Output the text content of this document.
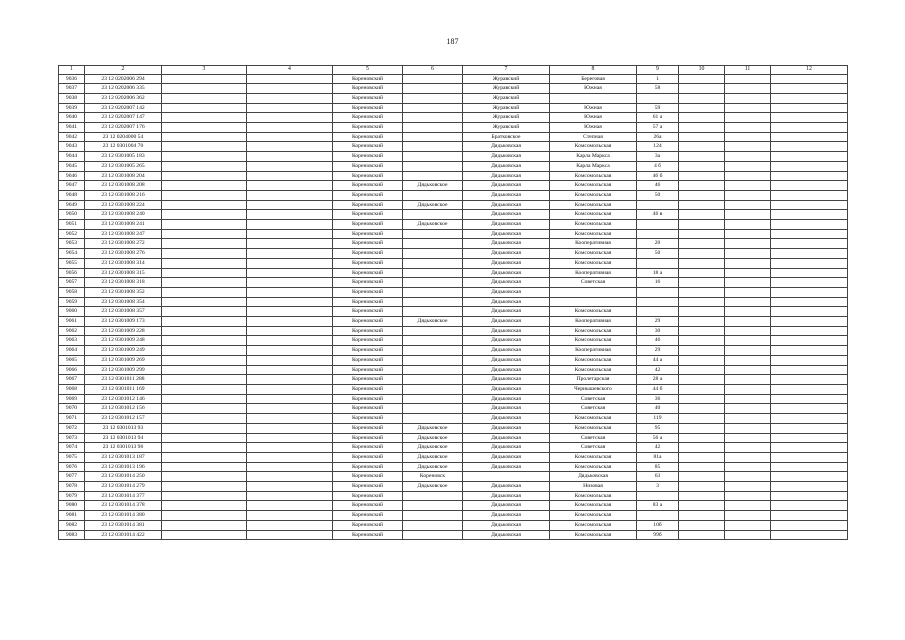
187
1	2	3	4	5	6	7	8	9	10	11	12
9036	23 12 0202006 294			Кореновский		Журавский	Береговая	1			
9037	23 12 0202006 335			Кореновский		Журавский	Южная	58			
9038	23 12 0202006 362			Кореновский		Журавский					
9039	23 12 0202007 142			Кореновский		Журавский	Южная	59			
9040	23 12 0202007 147			Кореновский		Журавский	Южная	61 а			
9041	23 12 0202007 176			Кореновский		Журавский	Южная	57 а			
9042	23 12 0204000 54			Кореновский		Братковское	Степная	26а			
9043	23 12 0301004 70			Кореновский		Дядьковская	Комсомольская	124			
9044	23 12 0301005 183			Кореновский		Дядьковская	Карла Маркса	3а			
9045	23 12 0301005 265			Кореновский		Дядьковская	Карла Маркса	4 б			
9046	23 12 0301008 204			Кореновский		Дядьковская	Комсомольская	46 б			
9047	23 12 0301008 208			Кореновский	Дядьковское	Дядьковская	Комсомольская	46			
9048	23 12 0301008 216			Кореновский		Дядьковская	Комсомольская	50			
9049	23 12 0301008 224			Кореновский	Дядьковское	Дядьковская	Комсомольская				
9050	23 12 0301008 240			Кореновский		Дядьковская	Комсомольская	46 в			
9051	23 12 0301008 241			Кореновский	Дядьковское	Дядьковская	Комсомольская				
9052	23 12 0301008 247			Кореновский		Дядьковская	Комсомольская				
9053	23 12 0301008 272			Кореновский		Дядьковская	Кооперативная	20			
9054	23 12 0301008 276			Кореновский		Дядьковская	Комсомольская	50			
9055	23 12 0301008 314			Кореновский		Дядьковская	Комсомольская				
9056	23 12 0301008 315			Кореновский		Дядьковская	Кооперативная	18 а			
9057	23 12 0301008 318			Кореновский		Дядьковская	Советская	16			
9058	23 12 0301008 352			Кореновский		Дядьковская					
9059	23 12 0301008 354			Кореновский		Дядьковская					
9060	23 12 0301008 357			Кореновский		Дядьковская	Комсомольская				
9061	23 12 0301009 173			Кореновский	Дядьковское	Дядьковская	Кооперативная	29			
9062	23 12 0301009 228			Кореновский		Дядьковская	Комсомольская	30			
9063	23 12 0301009 248			Кореновский		Дядьковская	Комсомольская	46			
9064	23 12 0301009 249			Кореновский		Дядьковская	Кооперативная	29			
9065	23 12 0301009 269			Кореновский		Дядьковская	Комсомольская	44 а			
9066	23 12 0301009 299			Кореновский		Дядьковская	Комсомольская	42			
9067	23 12 0301011 288			Кореновский		Дядьковская	Пролетарская	28 а			
9068	23 12 0301011 169			Кореновский		Дядьковская	Чернышевского	44 б			
9069	23 12 0301012 146			Кореновский		Дядьковская	Советская	36			
9070	23 12 0301012 156			Кореновский		Дядьковская	Советская	40			
9071	23 12 0301012 157			Кореновский		Дядьковская	Комсомольская	119			
9072	23 12 0301013 93			Кореновский	Дядьковское	Дядьковская	Комсомольская	95			
9073	23 12 0301013 94			Кореновский	Дядьковское	Дядьковская	Советская	56 а			
9074	23 12 0301013 96			Кореновский	Дядьковское	Дядьковская	Советская	42			
9075	23 12 0301013 187			Кореновский	Дядьковское	Дядьковская	Комсомольская	81а			
9076	23 12 0301013 196			Кореновский	Дядьковское	Дядьковская	Комсомольская	85			
9077	23 12 0301014 250			Кореновский	Кореновск		Дядьковская	63			
9078	23 12 0301014 279			Кореновский	Дядьковское	Дядьковская	Низовая	3			
9079	23 12 0301014 377			Кореновский		Дядьковская	Комсомольская				
9080	23 12 0301014 378			Кореновский		Дядьковская	Комсомольская	83 а			
9081	23 12 0301014 380			Кореновский		Дядьковская	Комсомольская				
9082	23 12 0301014 381			Кореновский		Дядьковская	Комсомольская	10б			
9083	23 12 0301014 422			Кореновский		Дядьковская	Комсомольская	99б			
